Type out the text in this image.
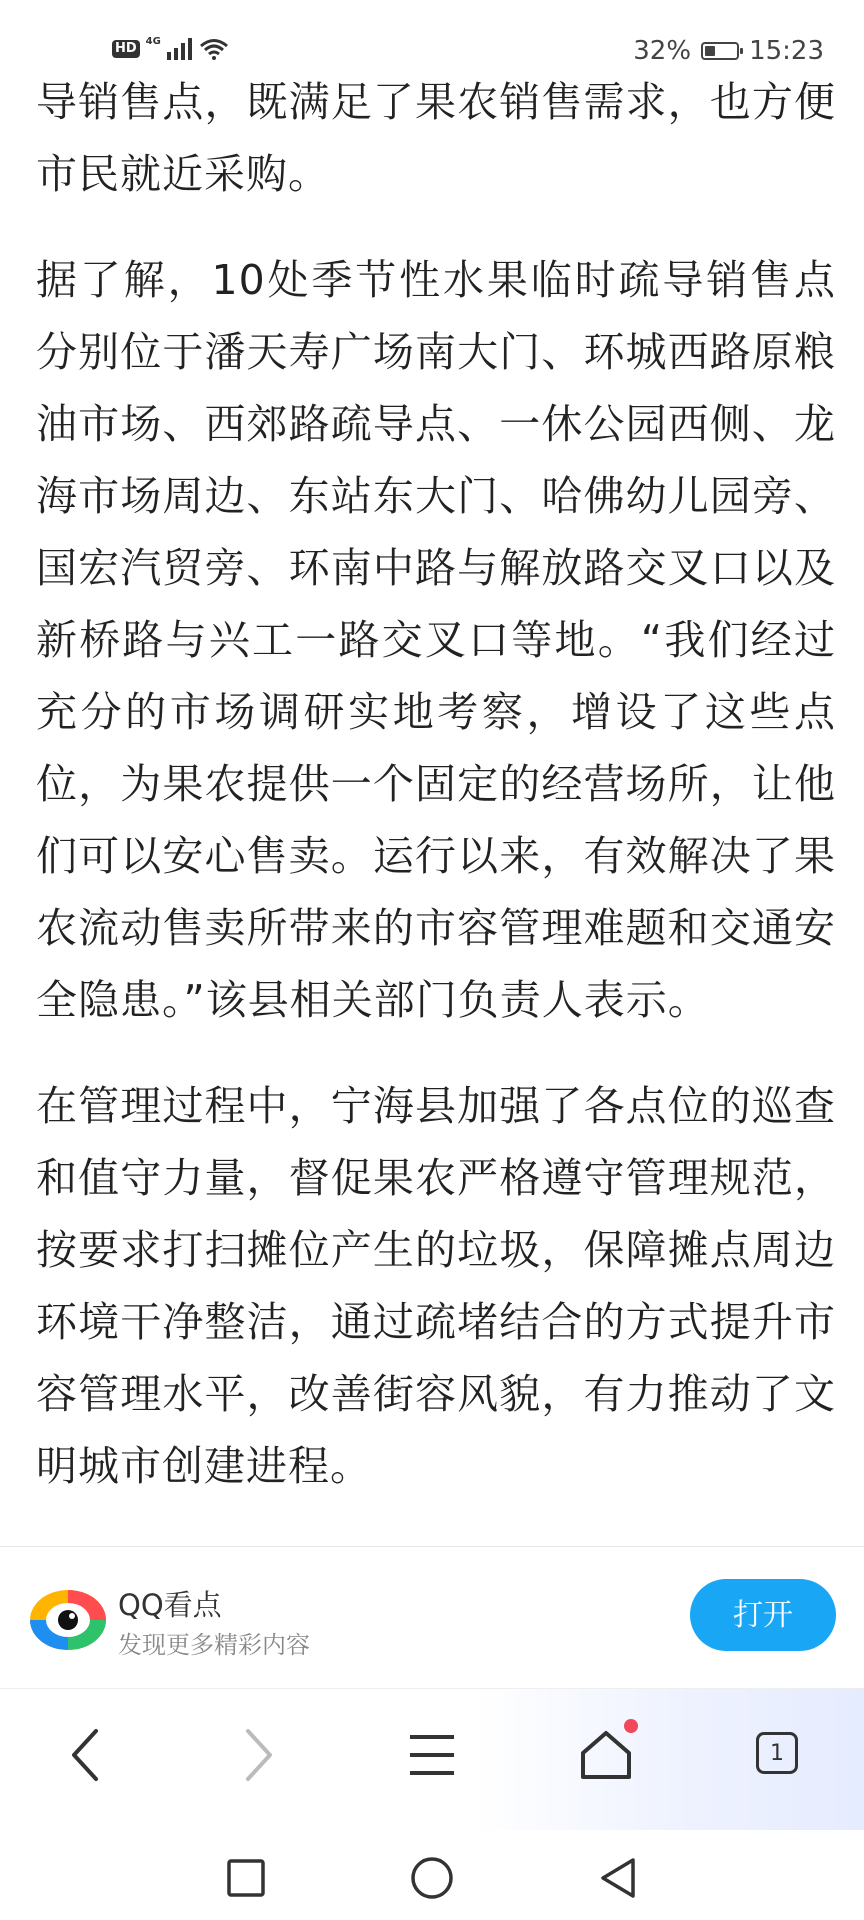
HD 4G	32% 15:23

导销售点，既满足了果农销售需求，也方便市民就近采购。

据了解，10处季节性水果临时疏导销售点分别位于潘天寿广场南大门、环城西路原粮油市场、西郊路疏导点、一休公园西侧、龙海市场周边、东站东大门、哈佛幼儿园旁、国宏汽贸旁、环南中路与解放路交叉口以及新桥路与兴工一路交叉口等地。“我们经过充分的市场调研实地考察，增设了这些点位，为果农提供一个固定的经营场所，让他们可以安心售卖。运行以来，有效解决了果农流动售卖所带来的市容管理难题和交通安全隐患。”该县相关部门负责人表示。

在管理过程中，宁海县加强了各点位的巡查和值守力量，督促果农严格遵守管理规范，按要求打扫摊位产生的垃圾，保障摊点周边环境干净整洁，通过疏堵结合的方式提升市容管理水平，改善街容风貌，有力推动了文明城市创建进程。

QQ看点
发现更多精彩内容
打开
1
